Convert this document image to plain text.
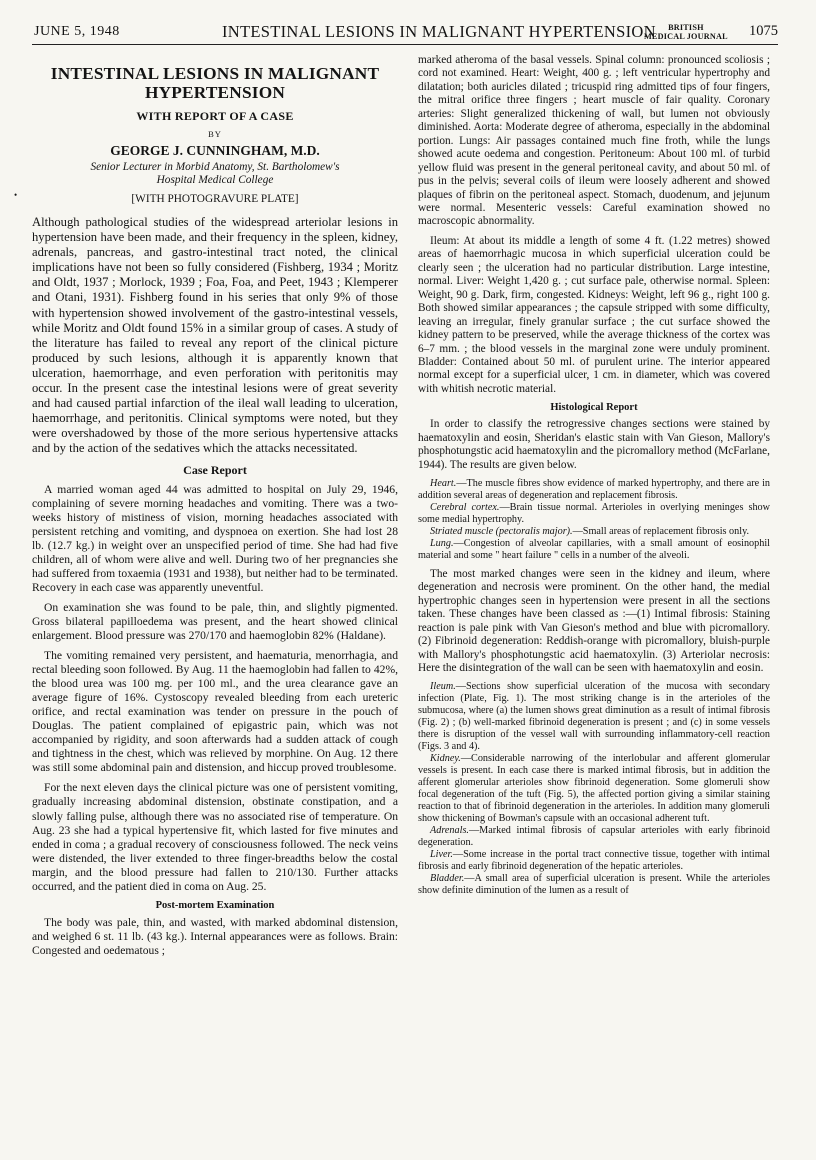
JUNE 5, 1948	INTESTINAL LESIONS IN MALIGNANT HYPERTENSION	BRITISH
MEDICAL JOURNAL 1075
•
INTESTINAL LESIONS IN MALIGNANT
HYPERTENSION
WITH REPORT OF A CASE
BY
GEORGE J. CUNNINGHAM, M.D.
Senior Lecturer in Morbid Anatomy, St. Bartholomew's
Hospital Medical College
[WITH PHOTOGRAVURE PLATE]

Although pathological studies of the widespread arteriolar lesions in hypertension have been made, and their frequency in the spleen, kidney, adrenals, pancreas, and gastro-intestinal tract noted, the clinical implications have not been so fully considered (Fishberg, 1934 ; Moritz and Oldt, 1937 ; Morlock, 1939 ; Foa, Foa, and Peet, 1943 ; Klemperer and Otani, 1931). Fishberg found in his series that only 9% of those with hypertension showed involvement of the gastro-intestinal vessels, while Moritz and Oldt found 15% in a similar group of cases. A study of the literature has failed to reveal any report of the clinical picture produced by such lesions, although it is apparently known that ulceration, haemorrhage, and even perforation with peritonitis may occur. In the present case the intestinal lesions were of great severity and had caused partial infarction of the ileal wall leading to ulceration, haemorrhage, and peritonitis. Clinical symptoms were noted, but they were overshadowed by those of the more serious hypertensive attacks and by the action of the sedatives which the attacks necessitated.

Case Report

A married woman aged 44 was admitted to hospital on July 29, 1946, complaining of severe morning headaches and vomiting. There was a two-weeks history of mistiness of vision, morning headaches associated with persistent retching and vomiting, and dyspnoea on exertion. She had lost 28 lb. (12.7 kg.) in weight over an unspecified period of time. She had had five children, all of whom were alive and well. During two of her pregnancies she had suffered from toxaemia (1931 and 1938), but neither had to be terminated. Recovery in each case was apparently uneventful.

On examination she was found to be pale, thin, and slightly pigmented. Gross bilateral papilloedema was present, and the heart showed clinical enlargement. Blood pressure was 270/170 and haemoglobin 82% (Haldane).

The vomiting remained very persistent, and haematuria, menorrhagia, and rectal bleeding soon followed. By Aug. 11 the haemoglobin had fallen to 42%, the blood urea was 100 mg. per 100 ml., and the urea clearance gave an average figure of 16%. Cystoscopy revealed bleeding from each ureteric orifice, and rectal examination was tender on pressure in the pouch of Douglas. The patient complained of epigastric pain, which was not accompanied by rigidity, and soon afterwards had a sudden attack of cough and tightness in the chest, which was relieved by morphine. On Aug. 12 there was still some abdominal pain and distension, and hiccup proved troublesome.

For the next eleven days the clinical picture was one of persistent vomiting, gradually increasing abdominal distension, obstinate constipation, and a slowly falling pulse, although there was no associated rise of temperature. On Aug. 23 she had a typical hypertensive fit, which lasted for five minutes and ended in coma ; a gradual recovery of consciousness followed. The neck veins were distended, the liver extended to three finger-breadths below the costal margin, and the blood pressure had fallen to 210/130. Further attacks occurred, and the patient died in coma on Aug. 25.

Post-mortem Examination

The body was pale, thin, and wasted, with marked abdominal distension, and weighed 6 st. 11 lb. (43 kg.). Internal appearances were as follows. Brain: Congested and oedematous ;

marked atheroma of the basal vessels. Spinal column: pronounced scoliosis ; cord not examined. Heart: Weight, 400 g. ; left ventricular hypertrophy and dilatation; both auricles dilated ; tricuspid ring admitted tips of four fingers, the mitral orifice three fingers ; heart muscle of fair quality. Coronary arteries: Slight generalized thickening of wall, but lumen not obviously diminished. Aorta: Moderate degree of atheroma, especially in the abdominal portion. Lungs: Air passages contained much fine froth, while the lungs showed acute oedema and congestion. Peritoneum: About 100 ml. of turbid yellow fluid was present in the general peritoneal cavity, and about 50 ml. of pus in the pelvis; several coils of ileum were loosely adherent and showed plaques of fibrin on the peritoneal aspect. Stomach, duodenum, and jejunum were normal. Mesenteric vessels: Careful examination showed no macroscopic abnormality.

Ileum: At about its middle a length of some 4 ft. (1.22 metres) showed areas of haemorrhagic mucosa in which superficial ulceration could be clearly seen ; the ulceration had no particular distribution. Large intestine, normal. Liver: Weight 1,420 g. ; cut surface pale, otherwise normal. Spleen: Weight, 90 g. Dark, firm, congested. Kidneys: Weight, left 96 g., right 100 g. Both showed similar appearances ; the capsule stripped with some difficulty, leaving an irregular, finely granular surface ; the cut surface showed the kidney pattern to be preserved, while the average thickness of the cortex was 6–7 mm. ; the blood vessels in the marginal zone were unduly prominent. Bladder: Contained about 50 ml. of purulent urine. The interior appeared normal except for a superficial ulcer, 1 cm. in diameter, which was covered with whitish necrotic material.

Histological Report

In order to classify the retrogressive changes sections were stained by haematoxylin and eosin, Sheridan's elastic stain with Van Gieson, Mallory's phosphotungstic acid haematoxylin and the picromallory method (McFarlane, 1944). The results are given below.

Heart.—The muscle fibres show evidence of marked hypertrophy, and there are in addition several areas of degeneration and replacement fibrosis.

Cerebral cortex.—Brain tissue normal. Arterioles in overlying meninges show some medial hypertrophy.

Striated muscle (pectoralis major).—Small areas of replacement fibrosis only.

Lung.—Congestion of alveolar capillaries, with a small amount of eosinophil material and some " heart failure " cells in a number of the alveoli.

The most marked changes were seen in the kidney and ileum, where degeneration and necrosis were prominent. On the other hand, the medial hypertrophic changes seen in hypertension were present in all the sections taken. These changes have been classed as :—(1) Intimal fibrosis: Staining reaction is pale pink with Van Gieson's method and blue with picromallory. (2) Fibrinoid degeneration: Reddish-orange with picromallory, bluish-purple with Mallory's phosphotungstic acid haematoxylin. (3) Arteriolar necrosis: Here the disintegration of the wall can be seen with haematoxylin and eosin.

Ileum.—Sections show superficial ulceration of the mucosa with secondary infection (Plate, Fig. 1). The most striking change is in the arterioles of the submucosa, where (a) the lumen shows great diminution as a result of intimal fibrosis (Fig. 2) ; (b) well-marked fibrinoid degeneration is present ; and (c) in some vessels there is disruption of the vessel wall with surrounding inflammatory-cell reaction (Figs. 3 and 4).

Kidney.—Considerable narrowing of the interlobular and afferent glomerular vessels is present. In each case there is marked intimal fibrosis, but in addition the afferent glomerular arterioles show fibrinoid degeneration. Some glomeruli show focal degeneration of the tuft (Fig. 5), the affected portion giving a similar staining reaction to that of fibrinoid degeneration in the arterioles. In addition many glomeruli show thickening of Bowman's capsule with an occasional adherent tuft.

Adrenals.—Marked intimal fibrosis of capsular arterioles with early fibrinoid degeneration.

Liver.—Some increase in the portal tract connective tissue, together with intimal fibrosis and early fibrinoid degeneration of the hepatic arterioles.

Bladder.—A small area of superficial ulceration is present. While the arterioles show definite diminution of the lumen as a result of
